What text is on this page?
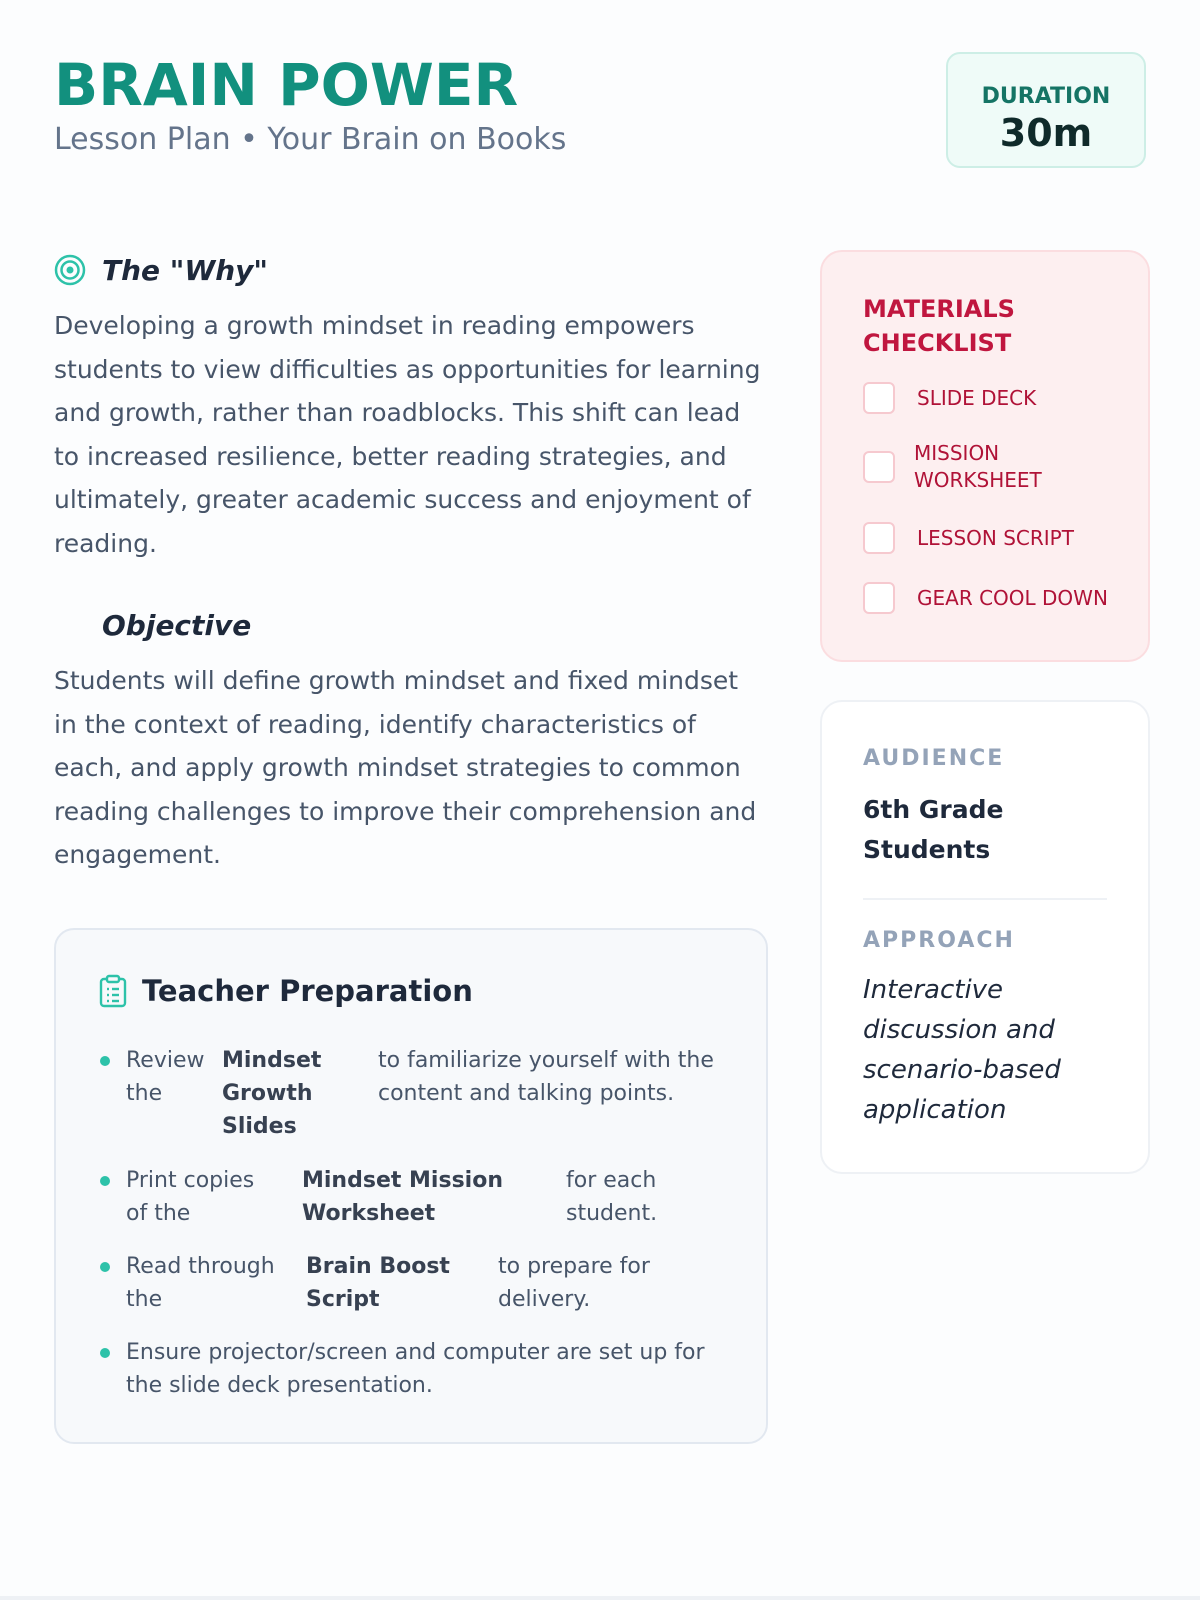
BRAIN POWER
Lesson Plan • Your Brain on Books
DURATION
30m
The "Why"

Developing a growth mindset in reading empowers students to view difficulties as opportunities for learning and growth, rather than roadblocks. This shift can lead to increased resilience, better reading strategies, and ultimately, greater academic success and enjoyment of reading.

Objective

Students will define growth mindset and fixed mindset in the context of reading, identify characteristics of each, and apply growth mindset strategies to common reading challenges to improve their comprehension and engagement.

Teacher Preparation
Review the
Mindset Growth Slides
to familiarize yourself with the content and talking points.
Print copies of the
Mindset Mission Worksheet
for each student.
Read through the
Brain Boost Script
to prepare for delivery.
Ensure projector/screen and computer are set up for the slide deck presentation.
MATERIALS CHECKLIST
SLIDE DECK
MISSION WORKSHEET
LESSON SCRIPT
GEAR COOL DOWN
AUDIENCE
6th Grade Students
APPROACH
Interactive discussion and scenario-based application
